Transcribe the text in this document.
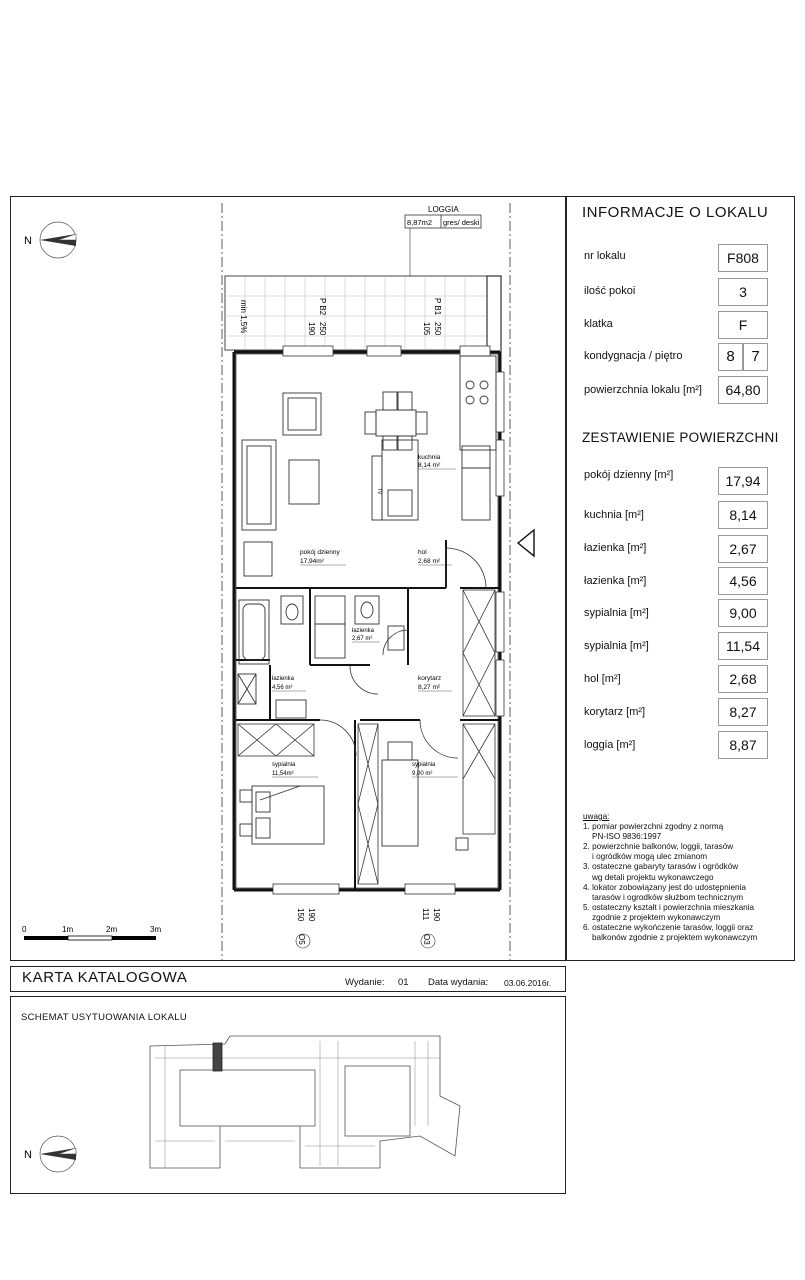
INFORMACJE O LOKALU
nr lokalu	F808
ilość pokoi	3
klatka	F
kondygnacja / piętro	8	7
powierzchnia lokalu [m²]	64,80
ZESTAWIENIE POWIERZCHNI
pokój dzienny [m²]	17,94
kuchnia [m²]	8,14
łazienka [m²]	2,67
łazienka [m²]	4,56
sypialnia [m²]	9,00
sypialnia [m²]	11,54
hol [m²]	2,68
korytarz [m²]	8,27
loggia [m²]	8,87
uwaga:
1. pomiar powierzchni zgodny z normą
PN-ISO 9836:1997
2. powierzchnie balkonów, loggii, tarasów
i ogródków mogą ulec zmianom
3. ostateczne gabaryty tarasów i ogródków
wg detali projektu wykonawczego
4. lokator zobowiązany jest do udostępnienia
tarasów i ogrodków służbom technicznym
5. ostateczny kształt i powierzchnia mieszkania
zgodnie z projektem wykonawczym
6. ostateczne wykończenie tarasów, loggii oraz
balkonów zgodnie z projektem wykonawczym
N
LOGGIA
8,87m2 gres/ deski
min 1,5%	P B2
190 250
P B1
105 250
kuchnia
8,14 m²
pokój dzienny
17,94m²
hol
2,68 m²
łazienka
2,67 m²
łazienka
4,56 m²
korytarz
8,27 m²
sypialnia
11,54m²
sypialnia
9,00 m²
TV
150 190
O5
111 190
O3
0	1m	2m	3m
KARTA KATALOGOWA	Wydanie: 01 Data wydania: 03.06.2016r.
SCHEMAT USYTUOWANIA LOKALU
N
